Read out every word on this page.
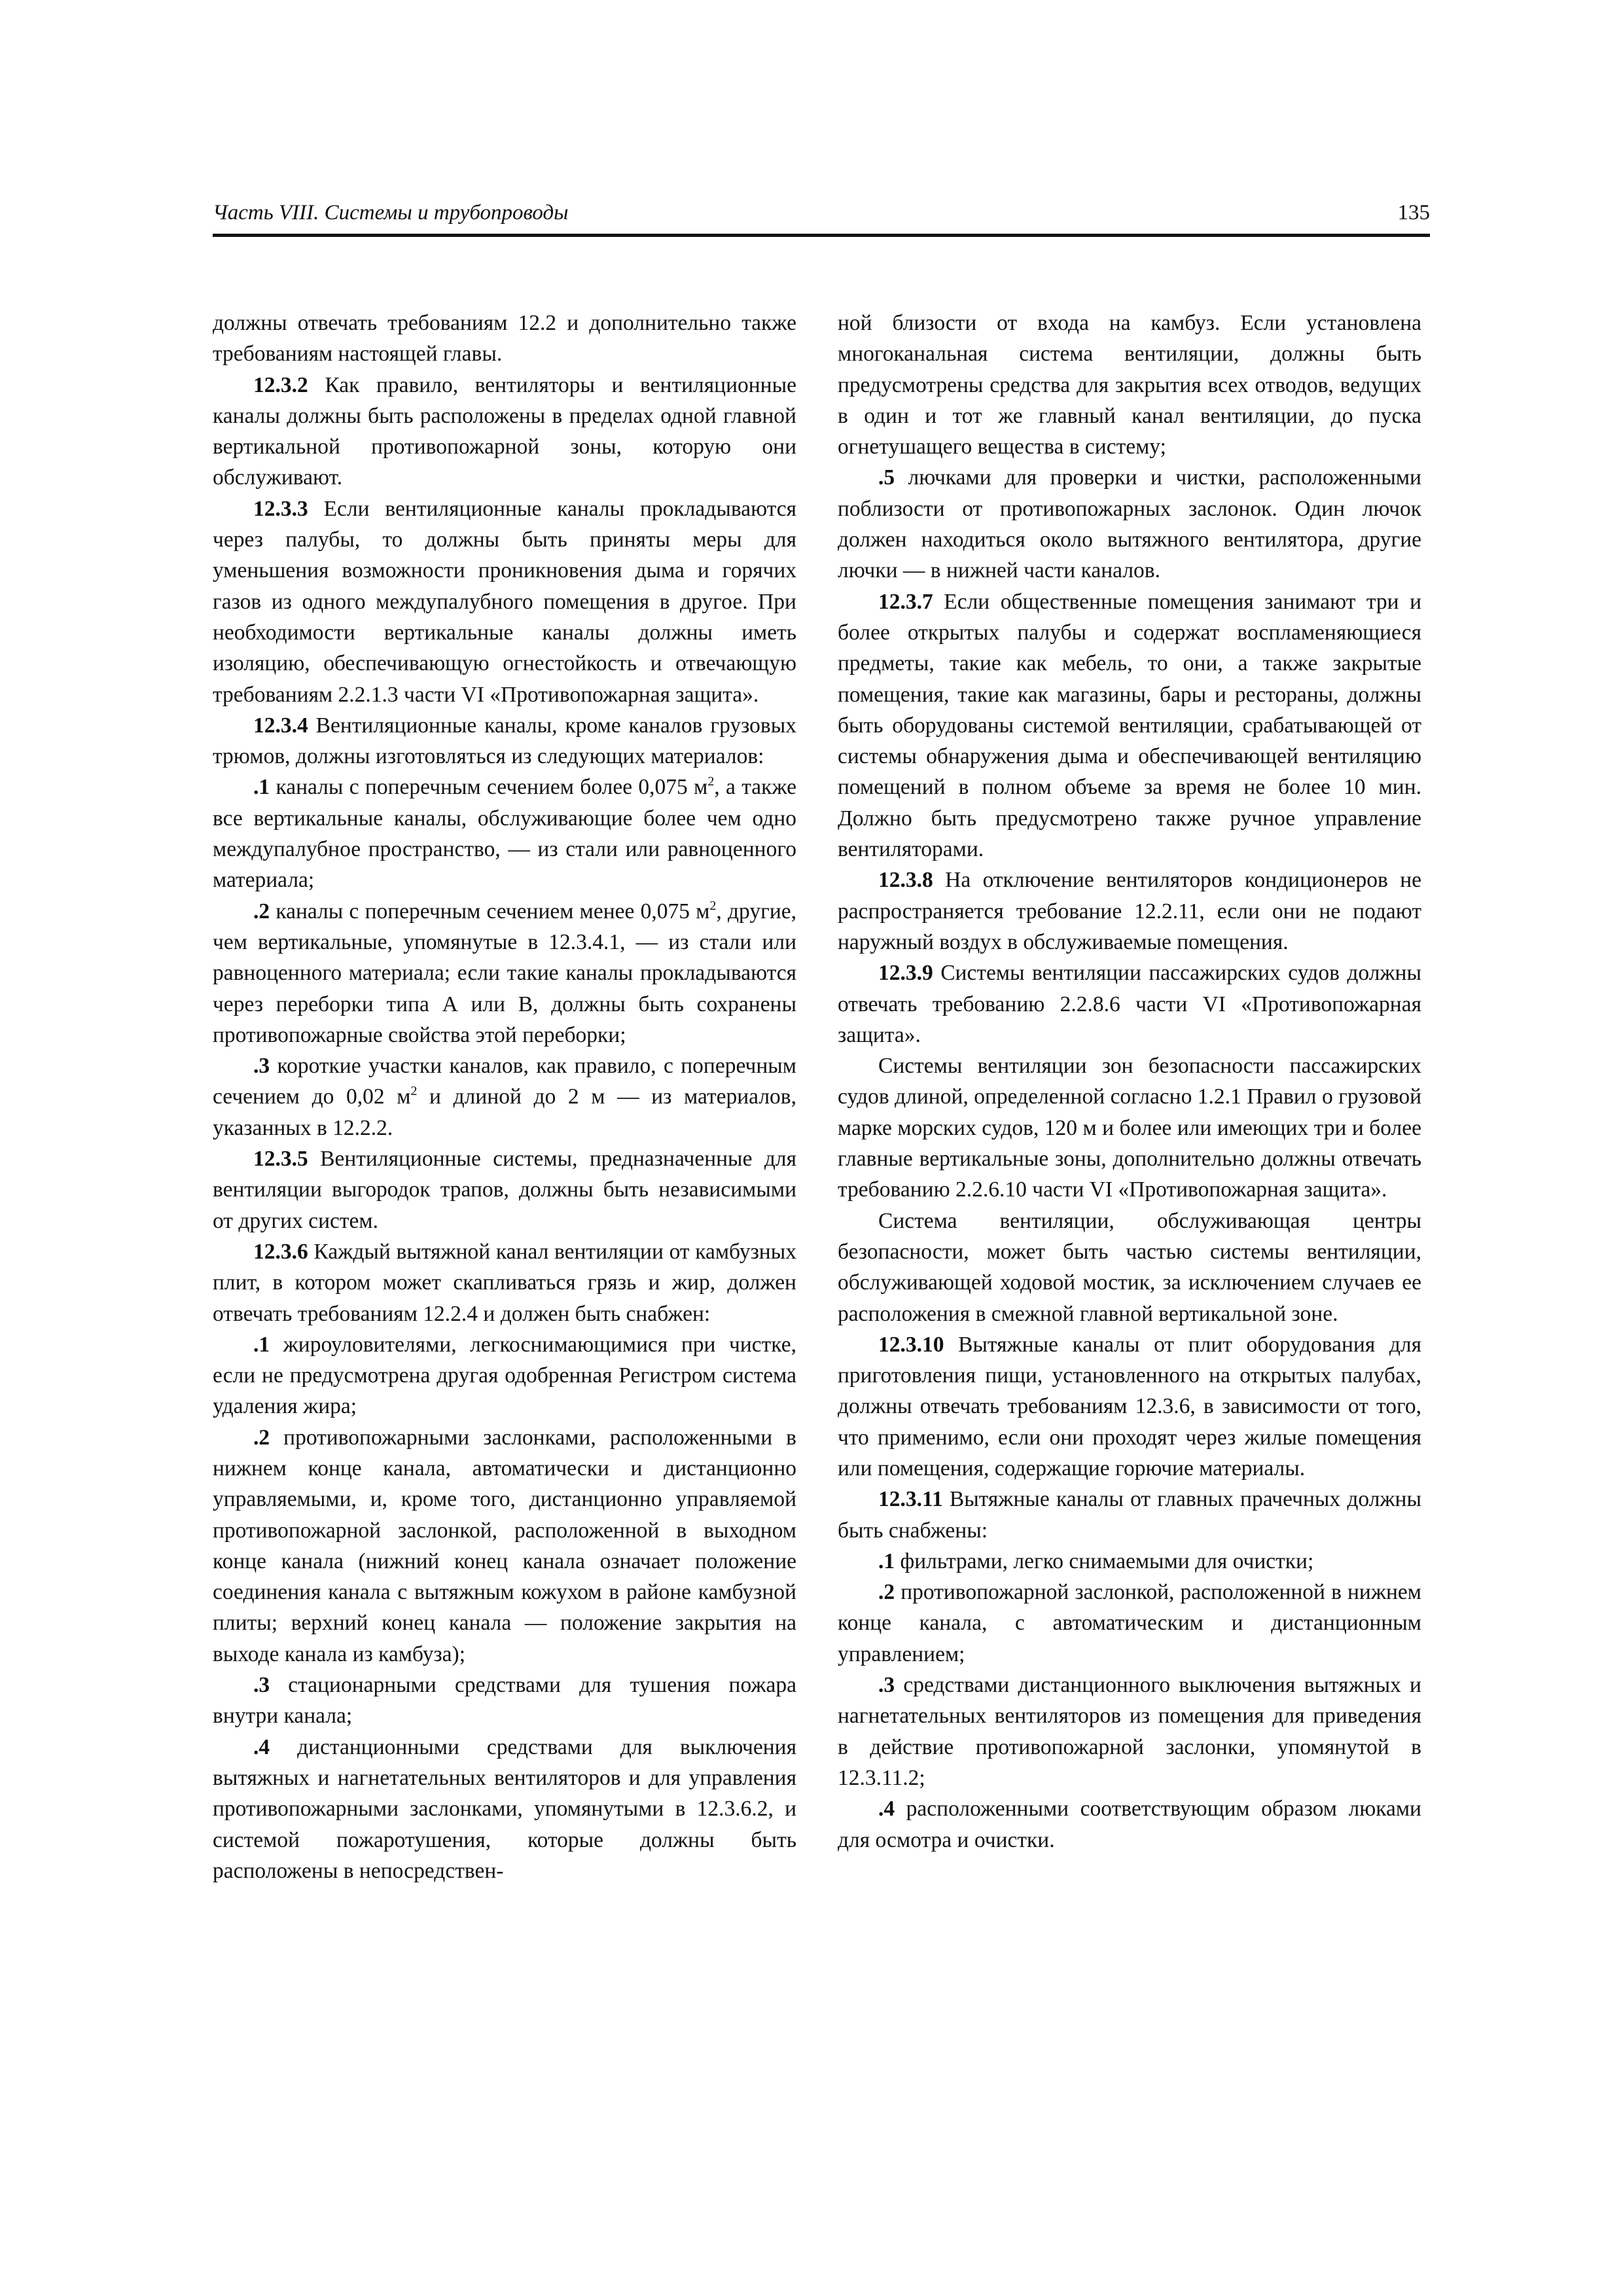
Часть VIII. Системы и трубопроводы	135

должны отвечать требованиям 12.2 и дополнительно также требованиям настоящей главы.

12.3.2 Как правило, вентиляторы и вентиляционные каналы должны быть расположены в пределах одной главной вертикальной противопожарной зоны, которую они обслуживают.

12.3.3 Если вентиляционные каналы прокладываются через палубы, то должны быть приняты меры для уменьшения возможности проникновения дыма и горячих газов из одного междупалубного помещения в другое. При необходимости вертикальные каналы должны иметь изоляцию, обеспечивающую огнестойкость и отвечающую требованиям 2.2.1.3 части VI «Противопожарная защита».

12.3.4 Вентиляционные каналы, кроме каналов грузовых трюмов, должны изготовляться из следующих материалов:

.1 каналы с поперечным сечением более 0,075 $м^2$, а также все вертикальные каналы, обслуживающие более чем одно междупалубное пространство, — из стали или равноценного материала;

.2 каналы с поперечным сечением менее 0,075 $м^2$, другие, чем вертикальные, упомянутые в 12.3.4.1, — из стали или равноценного материала; если такие каналы прокладываются через переборки типа А или В, должны быть сохранены противопожарные свойства этой переборки;

.3 короткие участки каналов, как правило, с поперечным сечением до 0,02 $м^2$ и длиной до 2 м — из материалов, указанных в 12.2.2.

12.3.5 Вентиляционные системы, предназначенные для вентиляции выгородок трапов, должны быть независимыми от других систем.

12.3.6 Каждый вытяжной канал вентиляции от камбузных плит, в котором может скапливаться грязь и жир, должен отвечать требованиям 12.2.4 и должен быть снабжен:

.1 жироуловителями, легкоснимающимися при чистке, если не предусмотрена другая одобренная Регистром система удаления жира;

.2 противопожарными заслонками, расположенными в нижнем конце канала, автоматически и дистанционно управляемыми, и, кроме того, дистанционно управляемой противопожарной заслонкой, расположенной в выходном конце канала (нижний конец канала означает положение соединения канала с вытяжным кожухом в районе камбузной плиты; верхний конец канала — положение закрытия на выходе канала из камбуза);

.3 стационарными средствами для тушения пожара внутри канала;

.4 дистанционными средствами для выключения вытяжных и нагнетательных вентиляторов и для управления противопожарными заслонками, упомянутыми в 12.3.6.2, и системой пожаротушения, которые должны быть расположены в непосредствен-

ной близости от входа на камбуз. Если установлена многоканальная система вентиляции, должны быть предусмотрены средства для закрытия всех отводов, ведущих в один и тот же главный канал вентиляции, до пуска огнетушащего вещества в систему;

.5 лючками для проверки и чистки, расположенными поблизости от противопожарных заслонок. Один лючок должен находиться около вытяжного вентилятора, другие лючки — в нижней части каналов.

12.3.7 Если общественные помещения занимают три и более открытых палубы и содержат воспламеняющиеся предметы, такие как мебель, то они, а также закрытые помещения, такие как магазины, бары и рестораны, должны быть оборудованы системой вентиляции, срабатывающей от системы обнаружения дыма и обеспечивающей вентиляцию помещений в полном объеме за время не более 10 мин. Должно быть предусмотрено также ручное управление вентиляторами.

12.3.8 На отключение вентиляторов кондиционеров не распространяется требование 12.2.11, если они не подают наружный воздух в обслуживаемые помещения.

12.3.9 Системы вентиляции пассажирских судов должны отвечать требованию 2.2.8.6 части VI «Противопожарная защита».

Системы вентиляции зон безопасности пассажирских судов длиной, определенной согласно 1.2.1 Правил о грузовой марке морских судов, 120 м и более или имеющих три и более главные вертикальные зоны, дополнительно должны отвечать требованию 2.2.6.10 части VI «Противопожарная защита».

Система вентиляции, обслуживающая центры безопасности, может быть частью системы вентиляции, обслуживающей ходовой мостик, за исключением случаев ее расположения в смежной главной вертикальной зоне.

12.3.10 Вытяжные каналы от плит оборудования для приготовления пищи, установленного на открытых палубах, должны отвечать требованиям 12.3.6, в зависимости от того, что применимо, если они проходят через жилые помещения или помещения, содержащие горючие материалы.

12.3.11 Вытяжные каналы от главных прачечных должны быть снабжены:

.1 фильтрами, легко снимаемыми для очистки;

.2 противопожарной заслонкой, расположенной в нижнем конце канала, с автоматическим и дистанционным управлением;

.3 средствами дистанционного выключения вытяжных и нагнетательных вентиляторов из помещения для приведения в действие противопожарной заслонки, упомянутой в 12.3.11.2;

.4 расположенными соответствующим образом люками для осмотра и очистки.
